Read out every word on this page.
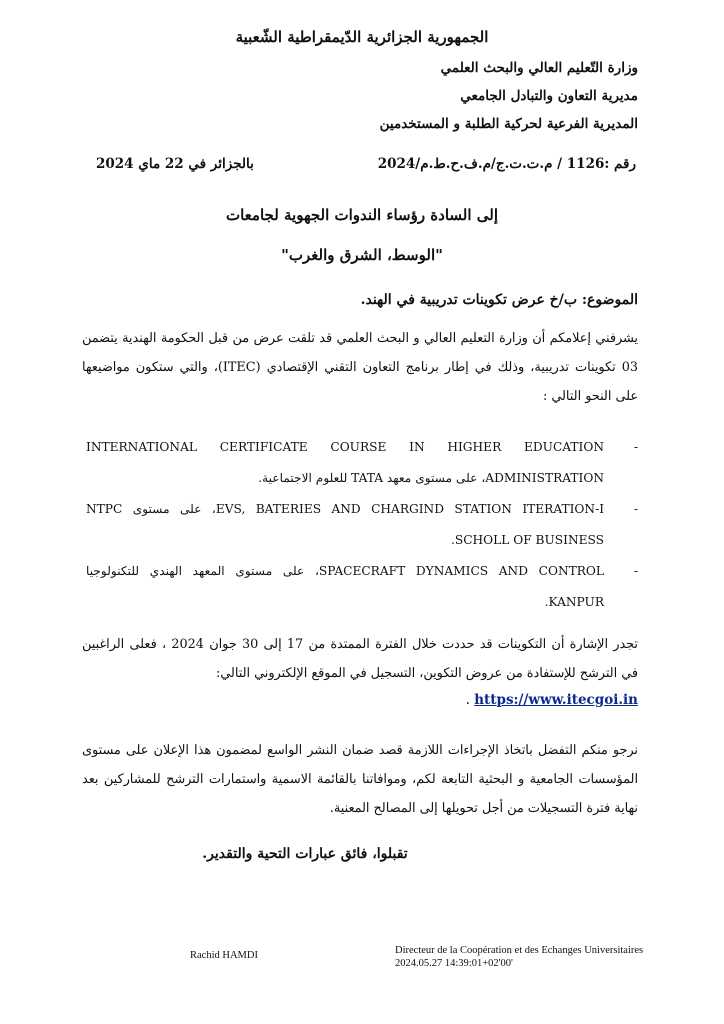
الجمهورية الجزائرية الدّيمقراطية الشّعبية
وزارة التّعليم العالي والبحث العلمي
مديرية التعاون والتبادل الجامعي
المديرية الفرعية لحركية الطلبة و المستخدمين
رقم :1126 / م.ت.ت.ج/م.ف.ح.ط.م/2024
بالجزائر في 22 ماي 2024
إلى السادة رؤساء الندوات الجهوية لجامعات
"الوسط، الشرق والغرب"
الموضوع: ب/خ عرض تكوينات تدريبية في الهند.
يشرفني إعلامكم أن وزارة التعليم العالي و البحث العلمي قد تلقت عرض من قبل الحكومة الهندية يتضمن 03 تكوينات تدريبية، وذلك في إطار برنامج التعاون التقني الإقتصادي (ITEC)، والتي ستكون مواضيعها على النحو التالي :
-
INTERNATIONAL CERTIFICATE COURSE IN HIGHER EDUCATION ADMINISTRATION، على مستوى معهد TATA للعلوم الاجتماعية.
-
EVS, BATERIES AND CHARGIND STATION ITERATION-I، على مستوى NTPC SCHOLL OF BUSINESS.
-
SPACECRAFT DYNAMICS AND CONTROL، على مستوى المعهد الهندي للتكنولوجيا KANPUR.
تجدر الإشارة أن التكوينات قد حددت خلال الفترة الممتدة من 17 إلى 30 جوان 2024 ، فعلى الراغبين في الترشح للإستفادة من عروض التكوين، التسجيل في الموقع الإلكتروني التالي:
https://www.itecgoi.in .
نرجو منكم التفضل باتخاذ الإجراءات اللازمة قصد ضمان النشر الواسع لمضمون هذا الإعلان على مستوى المؤسسات الجامعية و البحثية التابعة لكم، وموافاتنا بالقائمة الاسمية واستمارات الترشح للمشاركين بعد نهاية فترة التسجيلات من أجل تحويلها إلى المصالح المعنية.
تقبلوا، فائق عبارات التحية والتقدير.
Rachid HAMDI	Directeur de la Coopération et des Echanges Universitaires
2024.05.27 14:39:01+02'00'
